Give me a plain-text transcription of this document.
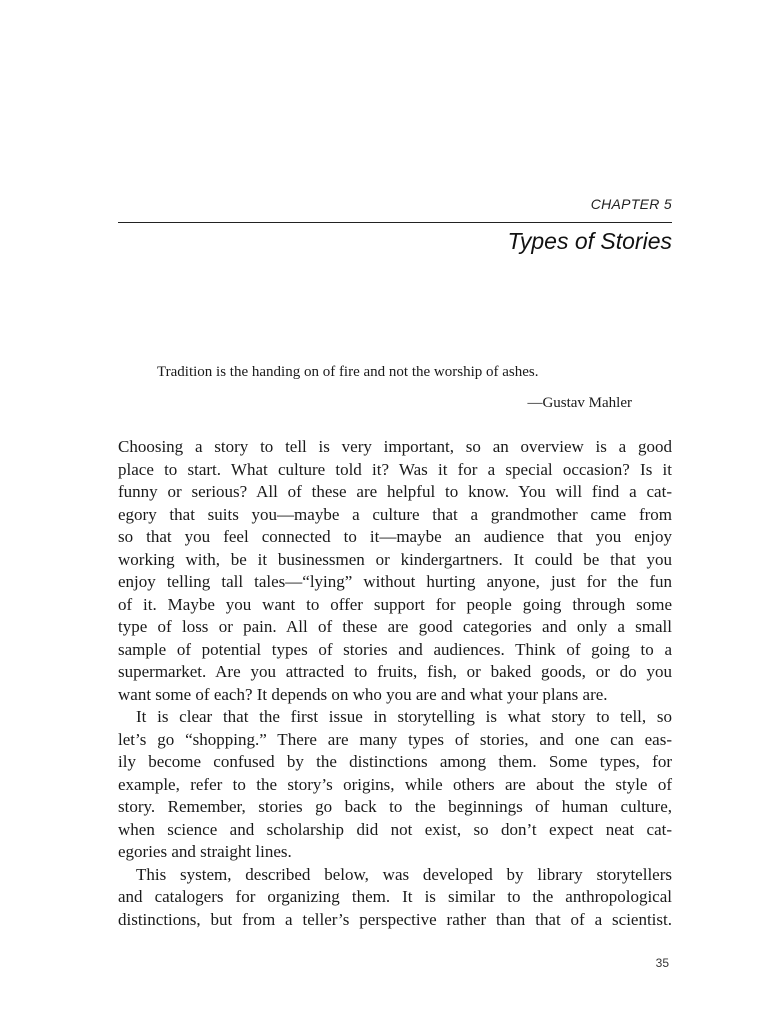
CHAPTER 5
Types of Stories
Tradition is the handing on of fire and not the worship of ashes.
—Gustav Mahler
Choosing a story to tell is very important, so an overview is a good
place to start. What culture told it? Was it for a special occasion? Is it
funny or serious? All of these are helpful to know. You will find a cat-
egory that suits you—maybe a culture that a grandmother came from
so that you feel connected to it—maybe an audience that you enjoy
working with, be it businessmen or kindergartners. It could be that you
enjoy telling tall tales—“lying” without hurting anyone, just for the fun
of it. Maybe you want to offer support for people going through some
type of loss or pain. All of these are good categories and only a small
sample of potential types of stories and audiences. Think of going to a
supermarket. Are you attracted to fruits, fish, or baked goods, or do you
want some of each? It depends on who you are and what your plans are.
It is clear that the first issue in storytelling is what story to tell, so
let’s go “shopping.” There are many types of stories, and one can eas-
ily become confused by the distinctions among them. Some types, for
example, refer to the story’s origins, while others are about the style of
story. Remember, stories go back to the beginnings of human culture,
when science and scholarship did not exist, so don’t expect neat cat-
egories and straight lines.
This system, described below, was developed by library storytellers
and catalogers for organizing them. It is similar to the anthropological
distinctions, but from a teller’s perspective rather than that of a scientist.
35
